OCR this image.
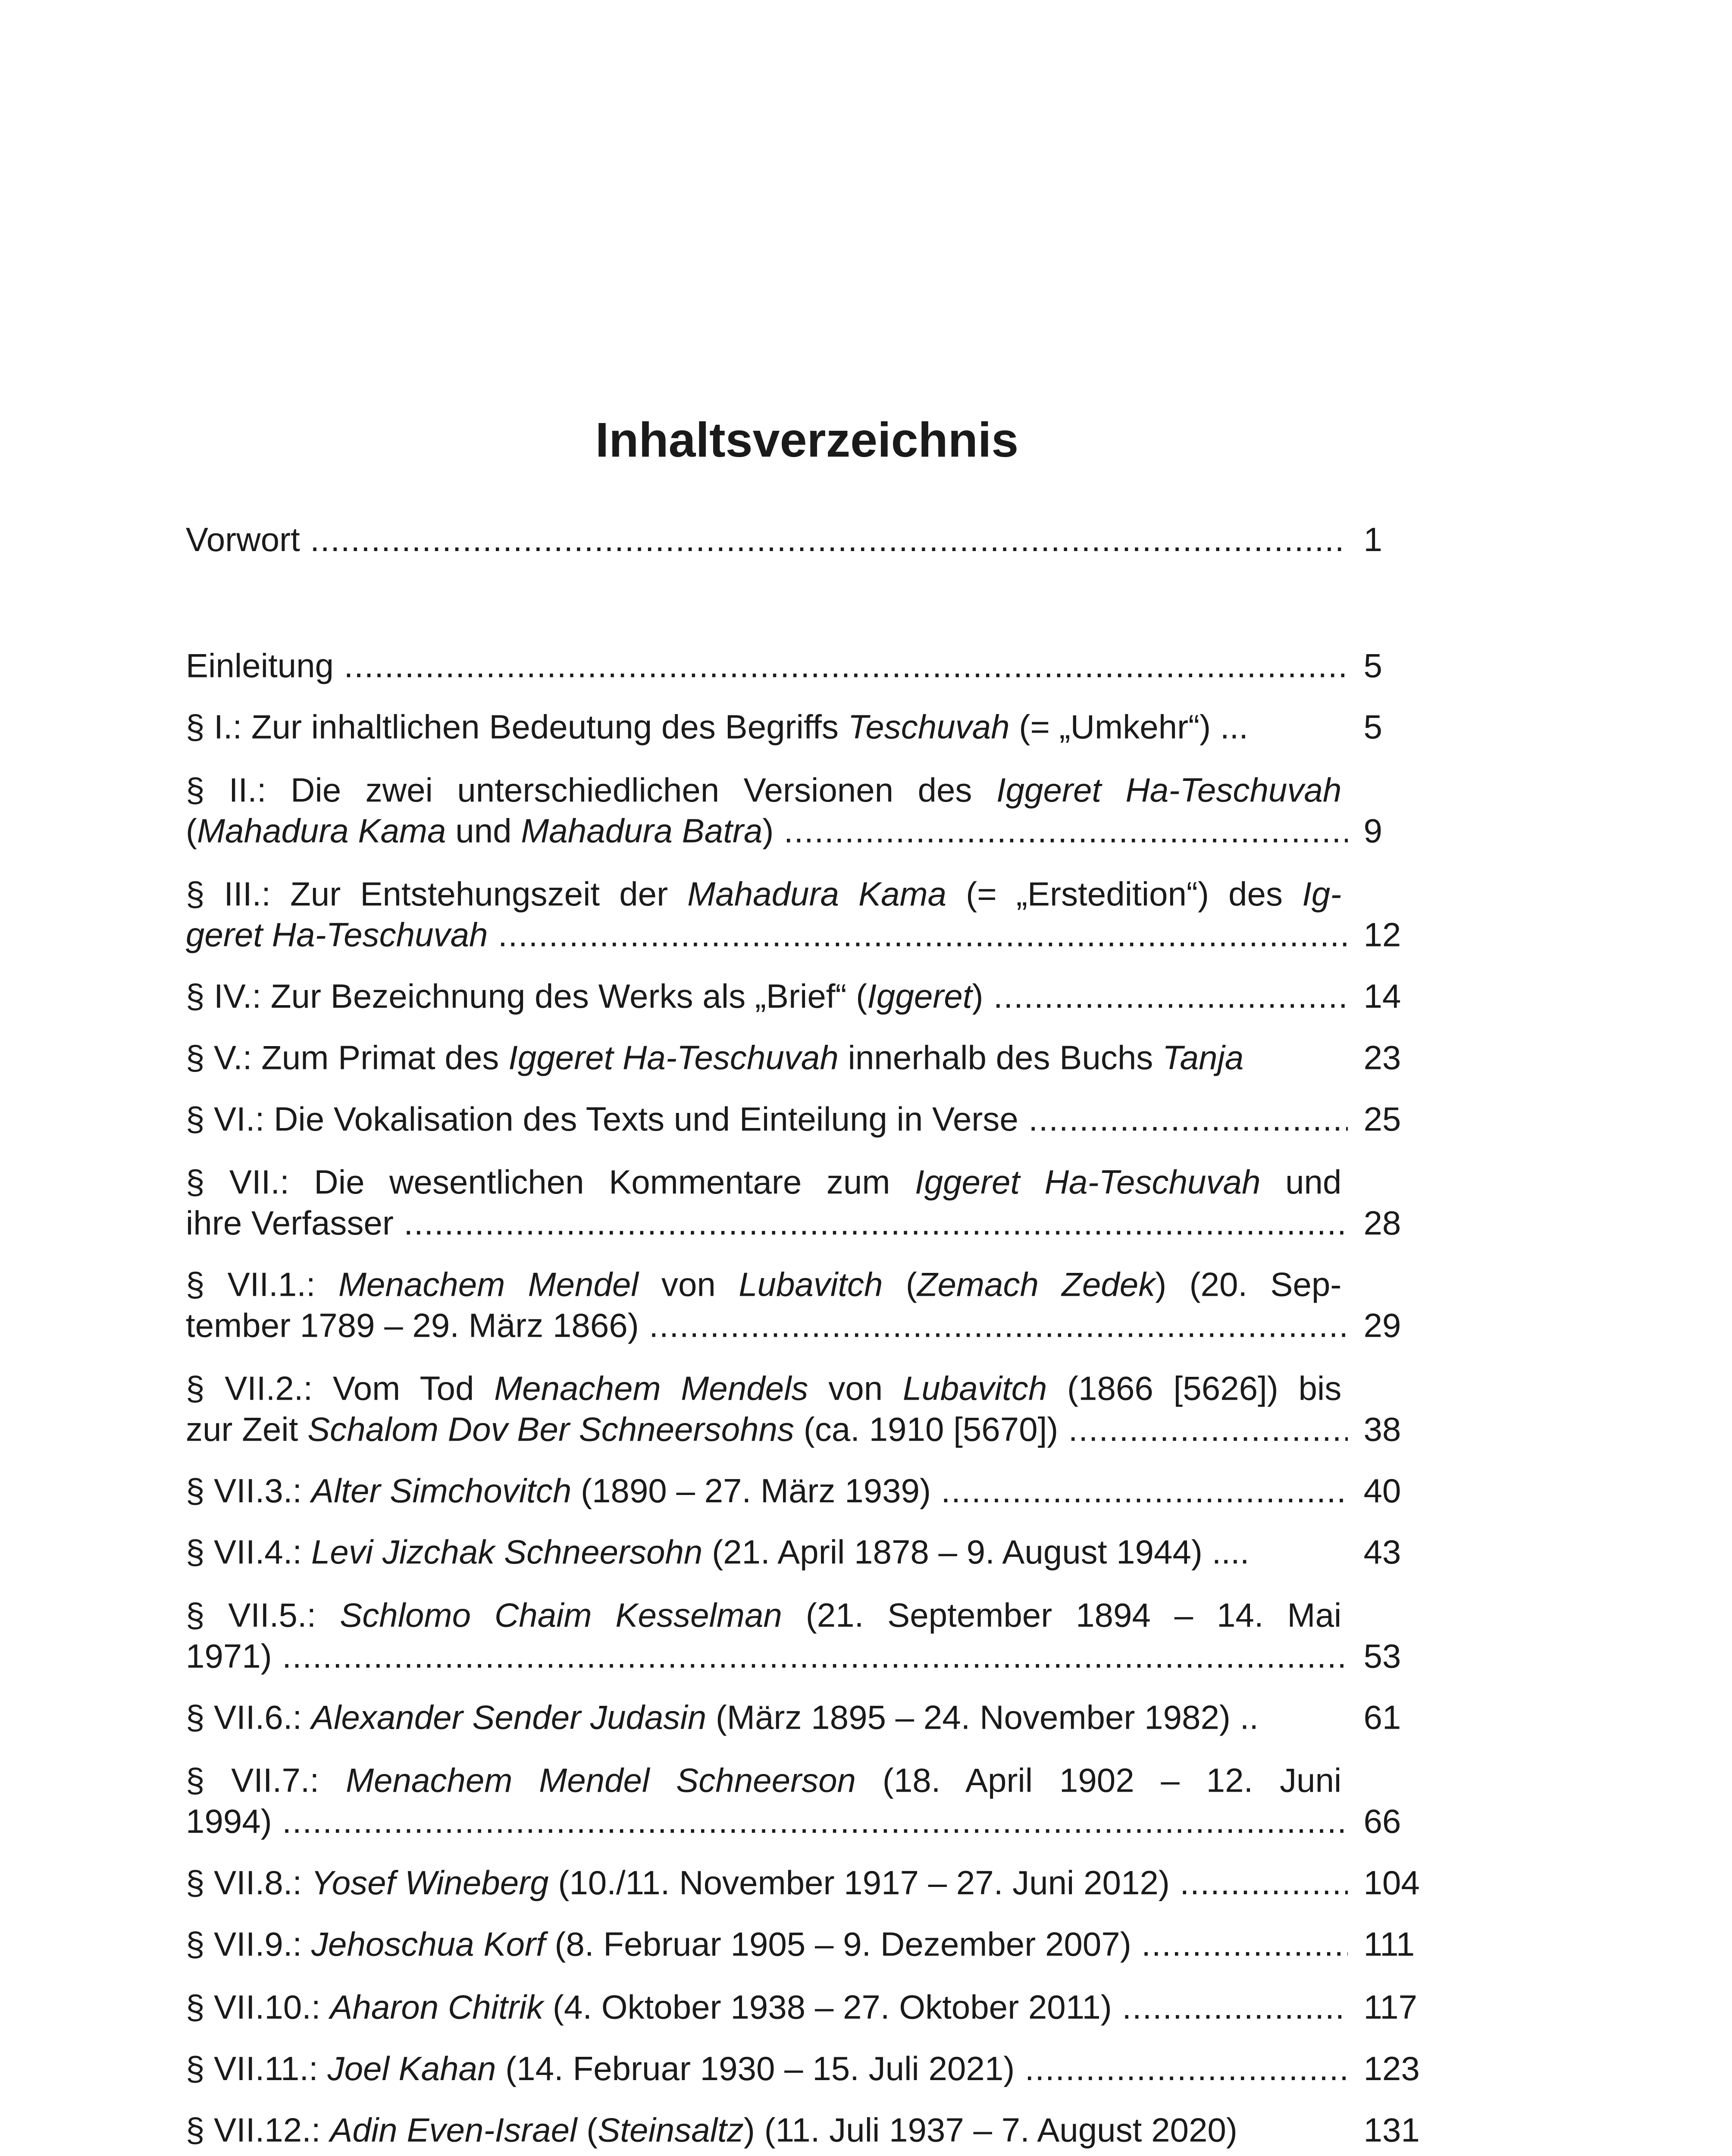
Inhaltsverzeichnis
Vorwort .....	1
Einleitung .....	5
§ I.: Zur inhaltlichen Bedeutung des Begriffs Teschuvah (= „Umkehr“) ...	5
§ II.: Die zwei unterschiedlichen Versionen des Iggeret Ha-Teschuvah
(Mahadura Kama und Mahadura Batra) .....	9
§ III.: Zur Entstehungszeit der Mahadura Kama (= „Erstedition“) des Ig-
geret Ha-Teschuvah .....	12
§ IV.: Zur Bezeichnung des Werks als „Brief“ (Iggeret) .....	14
§ V.: Zum Primat des Iggeret Ha-Teschuvah innerhalb des Buchs Tanja	23
§ VI.: Die Vokalisation des Texts und Einteilung in Verse .....	25
§ VII.: Die wesentlichen Kommentare zum Iggeret Ha-Teschuvah und
ihre Verfasser .....	28
§ VII.1.: Menachem Mendel von Lubavitch (Zemach Zedek) (20. Sep-
tember 1789 – 29. März 1866) .....	29
§ VII.2.: Vom Tod Menachem Mendels von Lubavitch (1866 [5626]) bis
zur Zeit Schalom Dov Ber Schneersohns (ca. 1910 [5670]) .....	38
§ VII.3.: Alter Simchovitch (1890 – 27. März 1939) .....	40
§ VII.4.: Levi Jizchak Schneersohn (21. April 1878 – 9. August 1944) ....	43
§ VII.5.: Schlomo Chaim Kesselman (21. September 1894 – 14. Mai
1971) .....	53
§ VII.6.: Alexander Sender Judasin (März 1895 – 24. November 1982) ..	61
§ VII.7.: Menachem Mendel Schneerson (18. April 1902 – 12. Juni
1994) .....	66
§ VII.8.: Yosef Wineberg (10./11. November 1917 – 27. Juni 2012) .....	104
§ VII.9.: Jehoschua Korf (8. Februar 1905 – 9. Dezember 2007) .....	111
§ VII.10.: Aharon Chitrik (4. Oktober 1938 – 27. Oktober 2011) .....	117
§ VII.11.: Joel Kahan (14. Februar 1930 – 15. Juli 2021) .....	123
§ VII.12.: Adin Even-Israel (Steinsaltz) (11. Juli 1937 – 7. August 2020)	131
